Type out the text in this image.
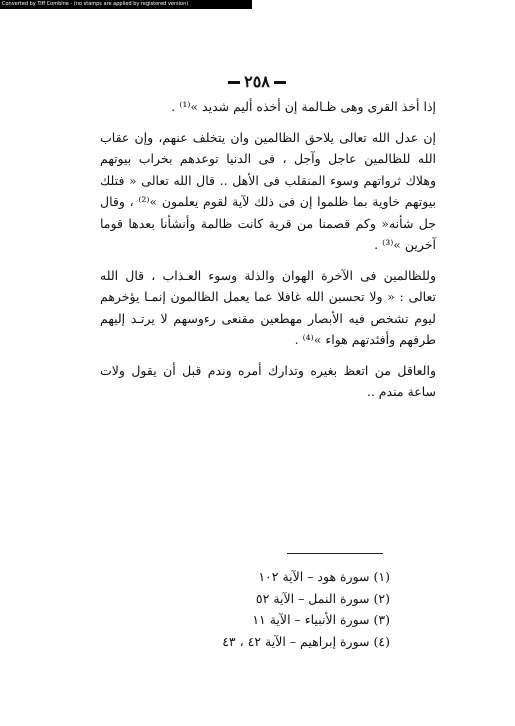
Converted by Tiff Combine - (no stamps are applied by registered version)
٢٥٨

إذا أخذ القرى وهى ظـالمة إن أخذه أليم شديد »⁽¹⁾ .

إن عدل الله تعالى يلاحق الظالمين وان يتخلف عنهم، وإن عقاب الله للظالمين عاجل وآجل ، فى الدنيا توعدهم بخراب بيوتهم وهلاك ثرواتهم وسوء المنقلب فى الأهل .. قال الله تعالى « فتلك بيوتهم خاوية بما ظلموا إن فى ذلك لآية لقوم يعلمون »⁽²⁾ ، وقال جل شأنه« وكم قصمنا من قرية كانت ظالمة وأنشأنا بعدها قوما آخرين »⁽³⁾ .

وللظالمين فى الآخرة الهوان والذلة وسوء العـذاب ، قال الله تعالى : « ولا تحسبن الله غافلا عما يعمل الظالمون إنمـا يؤخرهم ليوم تشخص فيه الأبصار مهطعين مقنعى رءوسهم لا يرتـد إليهم طرفهم وأفئدتهم هواء »⁽⁴⁾ .

والعاقل من اتعظ بغيره وتدارك أمره وندم قبل أن يقول ولات ساعة مندم ..

(١) سورة هود – الآية ١٠٢
(٢) سورة النمل – الآية ٥٢
(٣) سورة الأنبياء – الآية ١١
(٤) سورة إبراهيم – الآية ٤٢ ، ٤٣
